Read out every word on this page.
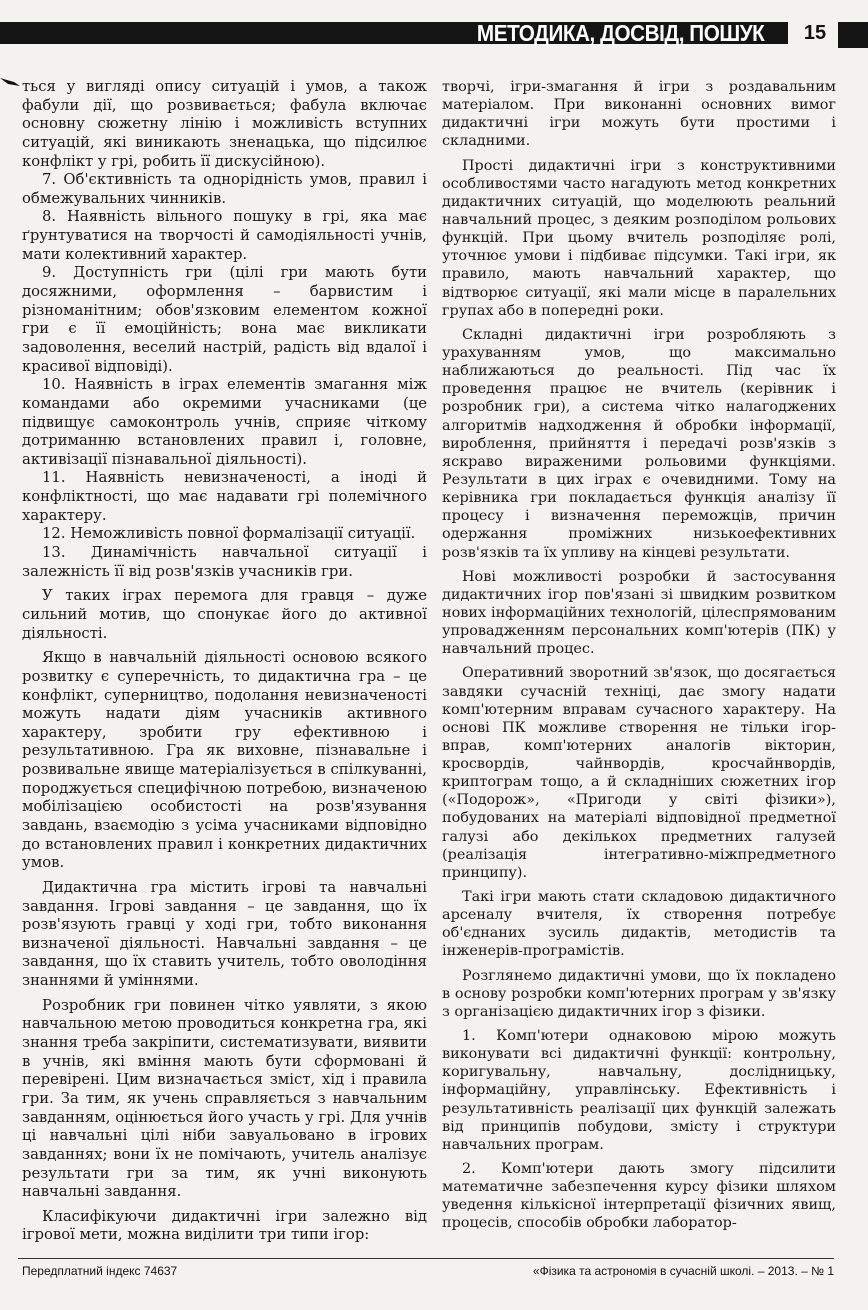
МЕТОДИКА, ДОСВІД, ПОШУК	15

ться у вигляді опису ситуацій і умов, а також фабули дії, що розвивається; фабула включає основну сюжетну лінію і можливість вступних ситуацій, які виникають зненацька, що підсилює конфлікт у грі, робить її дискусійною).

7. Об'єктивність та однорідність умов, правил і обмежувальних чинників.

8. Наявність вільного пошуку в грі, яка має ґрунтуватися на творчості й самодіяльності учнів, мати колективний характер.

9. Доступність гри (цілі гри мають бути досяжними, оформлення – барвистим і різноманітним; обов'язковим елементом кожної гри є її емоційність; вона має викликати задоволення, веселий настрій, радість від вдалої і красивої відповіді).

10. Наявність в іграх елементів змагання між командами або окремими учасниками (це підвищує самоконтроль учнів, сприяє чіткому дотриманню встановлених правил і, головне, активізації пізнавальної діяльності).

11. Наявність невизначеності, а іноді й конфліктності, що має надавати грі полемічного характеру.

12. Неможливість повної формалізації ситуації.

13. Динамічність навчальної ситуації і залежність її від розв'язків учасників гри.

У таких іграх перемога для гравця – дуже сильний мотив, що спонукає його до активної діяльності.

Якщо в навчальній діяльності основою всякого розвитку є суперечність, то дидактична гра – це конфлікт, суперництво, подолання невизначеності можуть надати діям учасників активного характеру, зробити гру ефективною і результативною. Гра як виховне, пізнавальне і розвивальне явище матеріалізується в спілкуванні, породжується специфічною потребою, визначеною мобілізацією особистості на розв'язування завдань, взаємодію з усіма учасниками відповідно до встановлених правил і конкретних дидактичних умов.

Дидактична гра містить ігрові та навчальні завдання. Ігрові завдання – це завдання, що їх розв'язують гравці у ході гри, тобто виконання визначеної діяльності. Навчальні завдання – це завдання, що їх ставить учитель, тобто оволодіння знаннями й уміннями.

Розробник гри повинен чітко уявляти, з якою навчальною метою проводиться конкретна гра, які знання треба закріпити, систематизувати, виявити в учнів, які вміння мають бути сформовані й перевірені. Цим визначається зміст, хід і правила гри. За тим, як учень справляється з навчальним завданням, оцінюється його участь у грі. Для учнів ці навчальні цілі ніби завуальовано в ігрових завданнях; вони їх не помічають, учитель аналізує результати гри за тим, як учні виконують навчальні завдання.

Класифікуючи дидактичні ігри залежно від ігрової мети, можна виділити три типи ігор:

творчі, ігри-змагання й ігри з роздавальним матеріалом. При виконанні основних вимог дидактичні ігри можуть бути простими і складними.

Прості дидактичні ігри з конструктивними особливостями часто нагадують метод конкретних дидактичних ситуацій, що моделюють реальний навчальний процес, з деяким розподілом рольових функцій. При цьому вчитель розподіляє ролі, уточнює умови і підбиває підсумки. Такі ігри, як правило, мають навчальний характер, що відтворює ситуації, які мали місце в паралельних групах або в попередні роки.

Складні дидактичні ігри розробляють з урахуванням умов, що максимально наближаються до реальності. Під час їх проведення працює не вчитель (керівник і розробник гри), а система чітко налагоджених алгоритмів надходження й обробки інформації, вироблення, прийняття і передачі розв'язків з яскраво вираженими рольовими функціями. Результати в цих іграх є очевидними. Тому на керівника гри покладається функція аналізу її процесу і визначення переможців, причин одержання проміжних низькоефективних розв'язків та їх упливу на кінцеві результати.

Нові можливості розробки й застосування дидактичних ігор пов'язані зі швидким розвитком нових інформаційних технологій, цілеспрямованим упровадженням персональних комп'ютерів (ПК) у навчальний процес.

Оперативний зворотний зв'язок, що досягається завдяки сучасній техніці, дає змогу надати комп'ютерним вправам сучасного характеру. На основі ПК можливе створення не тільки ігор-вправ, комп'ютерних аналогів вікторин, кросвордів, чайнвордів, кросчайнвордів, криптограм тощо, а й складніших сюжетних ігор («Подорож», «Пригоди у світі фізики»), побудованих на матеріалі відповідної предметної галузі або декількох предметних галузей (реалізація інтегративно-міжпредметного принципу).

Такі ігри мають стати складовою дидактичного арсеналу вчителя, їх створення потребує об'єднаних зусиль дидактів, методистів та інженерів-програмістів.

Розглянемо дидактичні умови, що їх покладено в основу розробки комп'ютерних програм у зв'язку з організацією дидактичних ігор з фізики.

1. Комп'ютери однаковою мірою можуть виконувати всі дидактичні функції: контрольну, коригувальну, навчальну, дослідницьку, інформаційну, управлінську. Ефективність і результативність реалізації цих функцій залежать від принципів побудови, змісту і структури навчальних програм.

2. Комп'ютери дають змогу підсилити математичне забезпечення курсу фізики шляхом уведення кількісної інтерпретації фізичних явищ, процесів, способів обробки лаборатор-

Передплатний індекс 74637	«Фізика та астрономія в сучасній школі. – 2013. – № 1
